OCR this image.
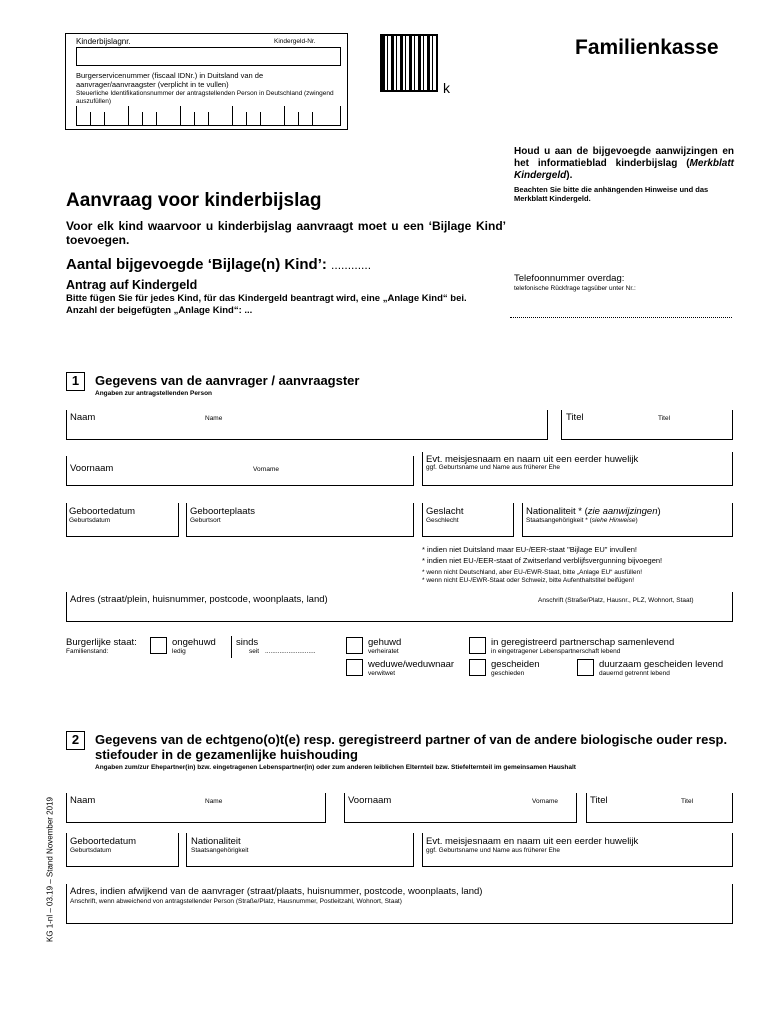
Kinderbijslagnr.	Kindergeld-Nr.
Burgerservicenummer (fiscaal IDNr.) in Duitsland van de aanvrager/aanvraagster (verplicht in te vullen)
Steuerliche Identifikationsnummer der antragstellenden Person in Deutschland (zwingend auszufüllen)
k
Familienkasse
Houd u aan de bijgevoegde aanwijzingen en het informatieblad kinderbijslag (Merkblatt Kindergeld).
Beachten Sie bitte die anhängenden Hinweise und das Merkblatt Kindergeld.
Aanvraag voor kinderbijslag
Voor elk kind waarvoor u kinderbijslag aanvraagt moet u een ‘Bijlage Kind’ toevoegen.
Aantal bijgevoegde ‘Bijlage(n) Kind’: ............
Antrag auf Kindergeld
Bitte fügen Sie für jedes Kind, für das Kindergeld beantragt wird, eine „Anlage Kind“ bei.
Anzahl der beigefügten „Anlage Kind“: ...
Telefoonnummer overdag:
telefonische Rückfrage tagsüber unter Nr.:
1	Gegevens van de aanvrager / aanvraagster
Angaben zur antragstellenden Person
Naam	Name	Titel	Titel
Voornaam	Vorname
Evt. meisjesnaam en naam uit een eerder huwelijk
ggf. Geburtsname und Name aus früherer Ehe
Geboortedatum
Geburtsdatum
Geboorteplaats
Geburtsort
Geslacht
Geschlecht
Nationaliteit * (zie aanwijzingen)
Staatsangehörigkeit * (siehe Hinweise)
* indien niet Duitsland maar EU-/EER-staat "Bijlage EU" invullen!
* indien niet EU-/EER-staat of Zwitserland verblijfsvergunning bijvoegen!
* wenn nicht Deutschland, aber EU-/EWR-Staat, bitte „Anlage EU“ ausfüllen!
* wenn nicht EU-/EWR-Staat oder Schweiz, bitte Aufenthaltstitel beifügen!
Adres (straat/plein, huisnummer, postcode, woonplaats, land)	Anschrift (Straße/Platz, Hausnr., PLZ, Wohnort, Staat)
Burgerlijke staat:
Familienstand:
ongehuwd
ledig
sinds
seit ............................
gehuwd
verheiratet
in geregistreerd partnerschap samenlevend
in eingetragener Lebenspartnerschaft lebend
weduwe/weduwnaar
verwitwet
gescheiden
geschieden
duurzaam gescheiden levend
dauernd getrennt lebend
2	Gegevens van de echtgeno(o)t(e) resp. geregistreerd partner of van de andere biologische ouder resp. stiefouder in de gezamenlijke huishouding
Angaben zum/zur Ehepartner(in) bzw. eingetragenen Lebenspartner(in) oder zum anderen leiblichen Elternteil bzw. Stiefelternteil im gemeinsamen Haushalt
Naam	Name	Voornaam	Vorname	Titel	Titel
Geboortedatum
Geburtsdatum
Nationaliteit
Staatsangehörigkeit
Evt. meisjesnaam en naam uit een eerder huwelijk
ggf. Geburtsname und Name aus früherer Ehe
Adres, indien afwijkend van de aanvrager (straat/plaats, huisnummer, postcode, woonplaats, land)
Anschrift, wenn abweichend von antragstellender Person (Straße/Platz, Hausnummer, Postleitzahl, Wohnort, Staat)
KG 1-nl – 03.19 – Stand November 2019
